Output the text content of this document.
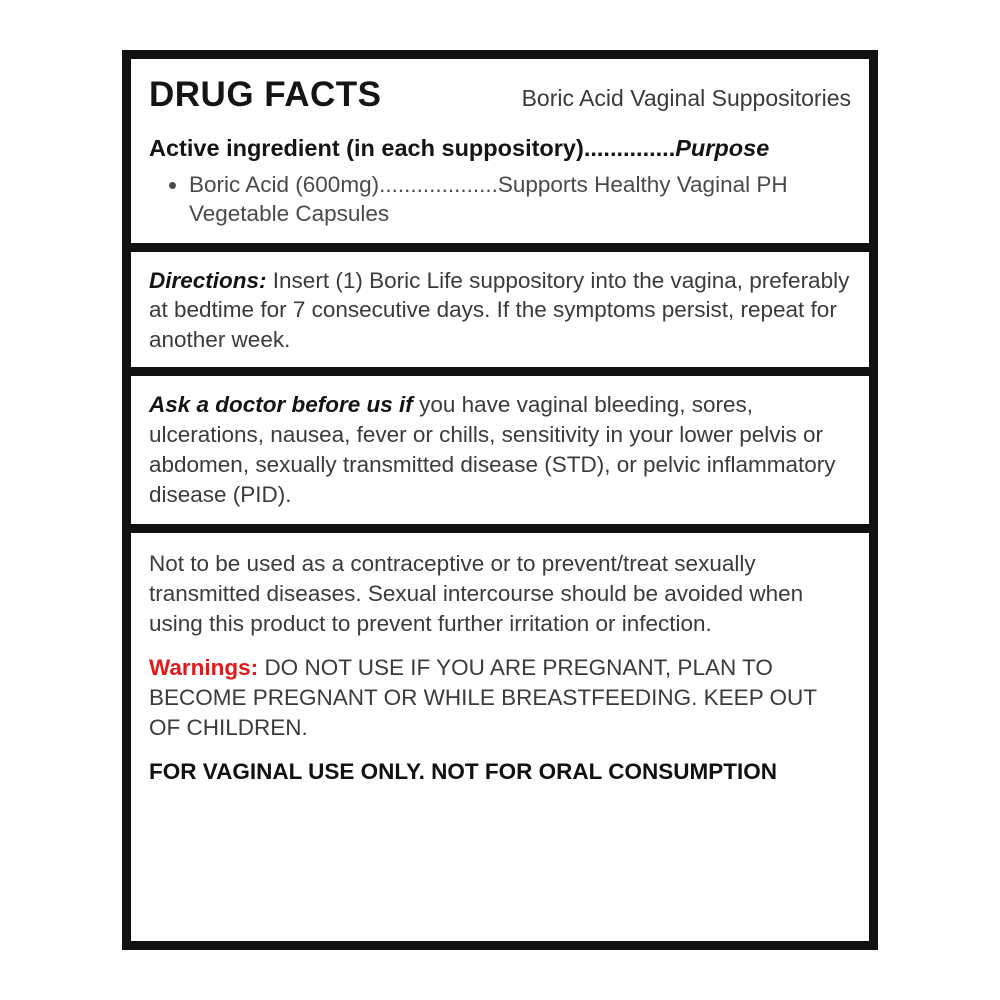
DRUG FACTS	Boric Acid Vaginal Suppositories
Active ingredient (in each suppository)..............Purpose
• Boric Acid (600mg)...................Supports Healthy Vaginal PH Vegetable Capsules

Directions: Insert (1) Boric Life suppository into the vagina, preferably at bedtime for 7 consecutive days. If the symptoms persist, repeat for another week.

Ask a doctor before us if you have vaginal bleeding, sores, ulcerations, nausea, fever or chills, sensitivity in your lower pelvis or abdomen, sexually transmitted disease (STD), or pelvic inflammatory disease (PID).

Not to be used as a contraceptive or to prevent/treat sexually transmitted diseases. Sexual intercourse should be avoided when using this product to prevent further irritation or infection.

Warnings: DO NOT USE IF YOU ARE PREGNANT, PLAN TO BECOME PREGNANT OR WHILE BREASTFEEDING. KEEP OUT OF CHILDREN.

FOR VAGINAL USE ONLY. NOT FOR ORAL CONSUMPTION
